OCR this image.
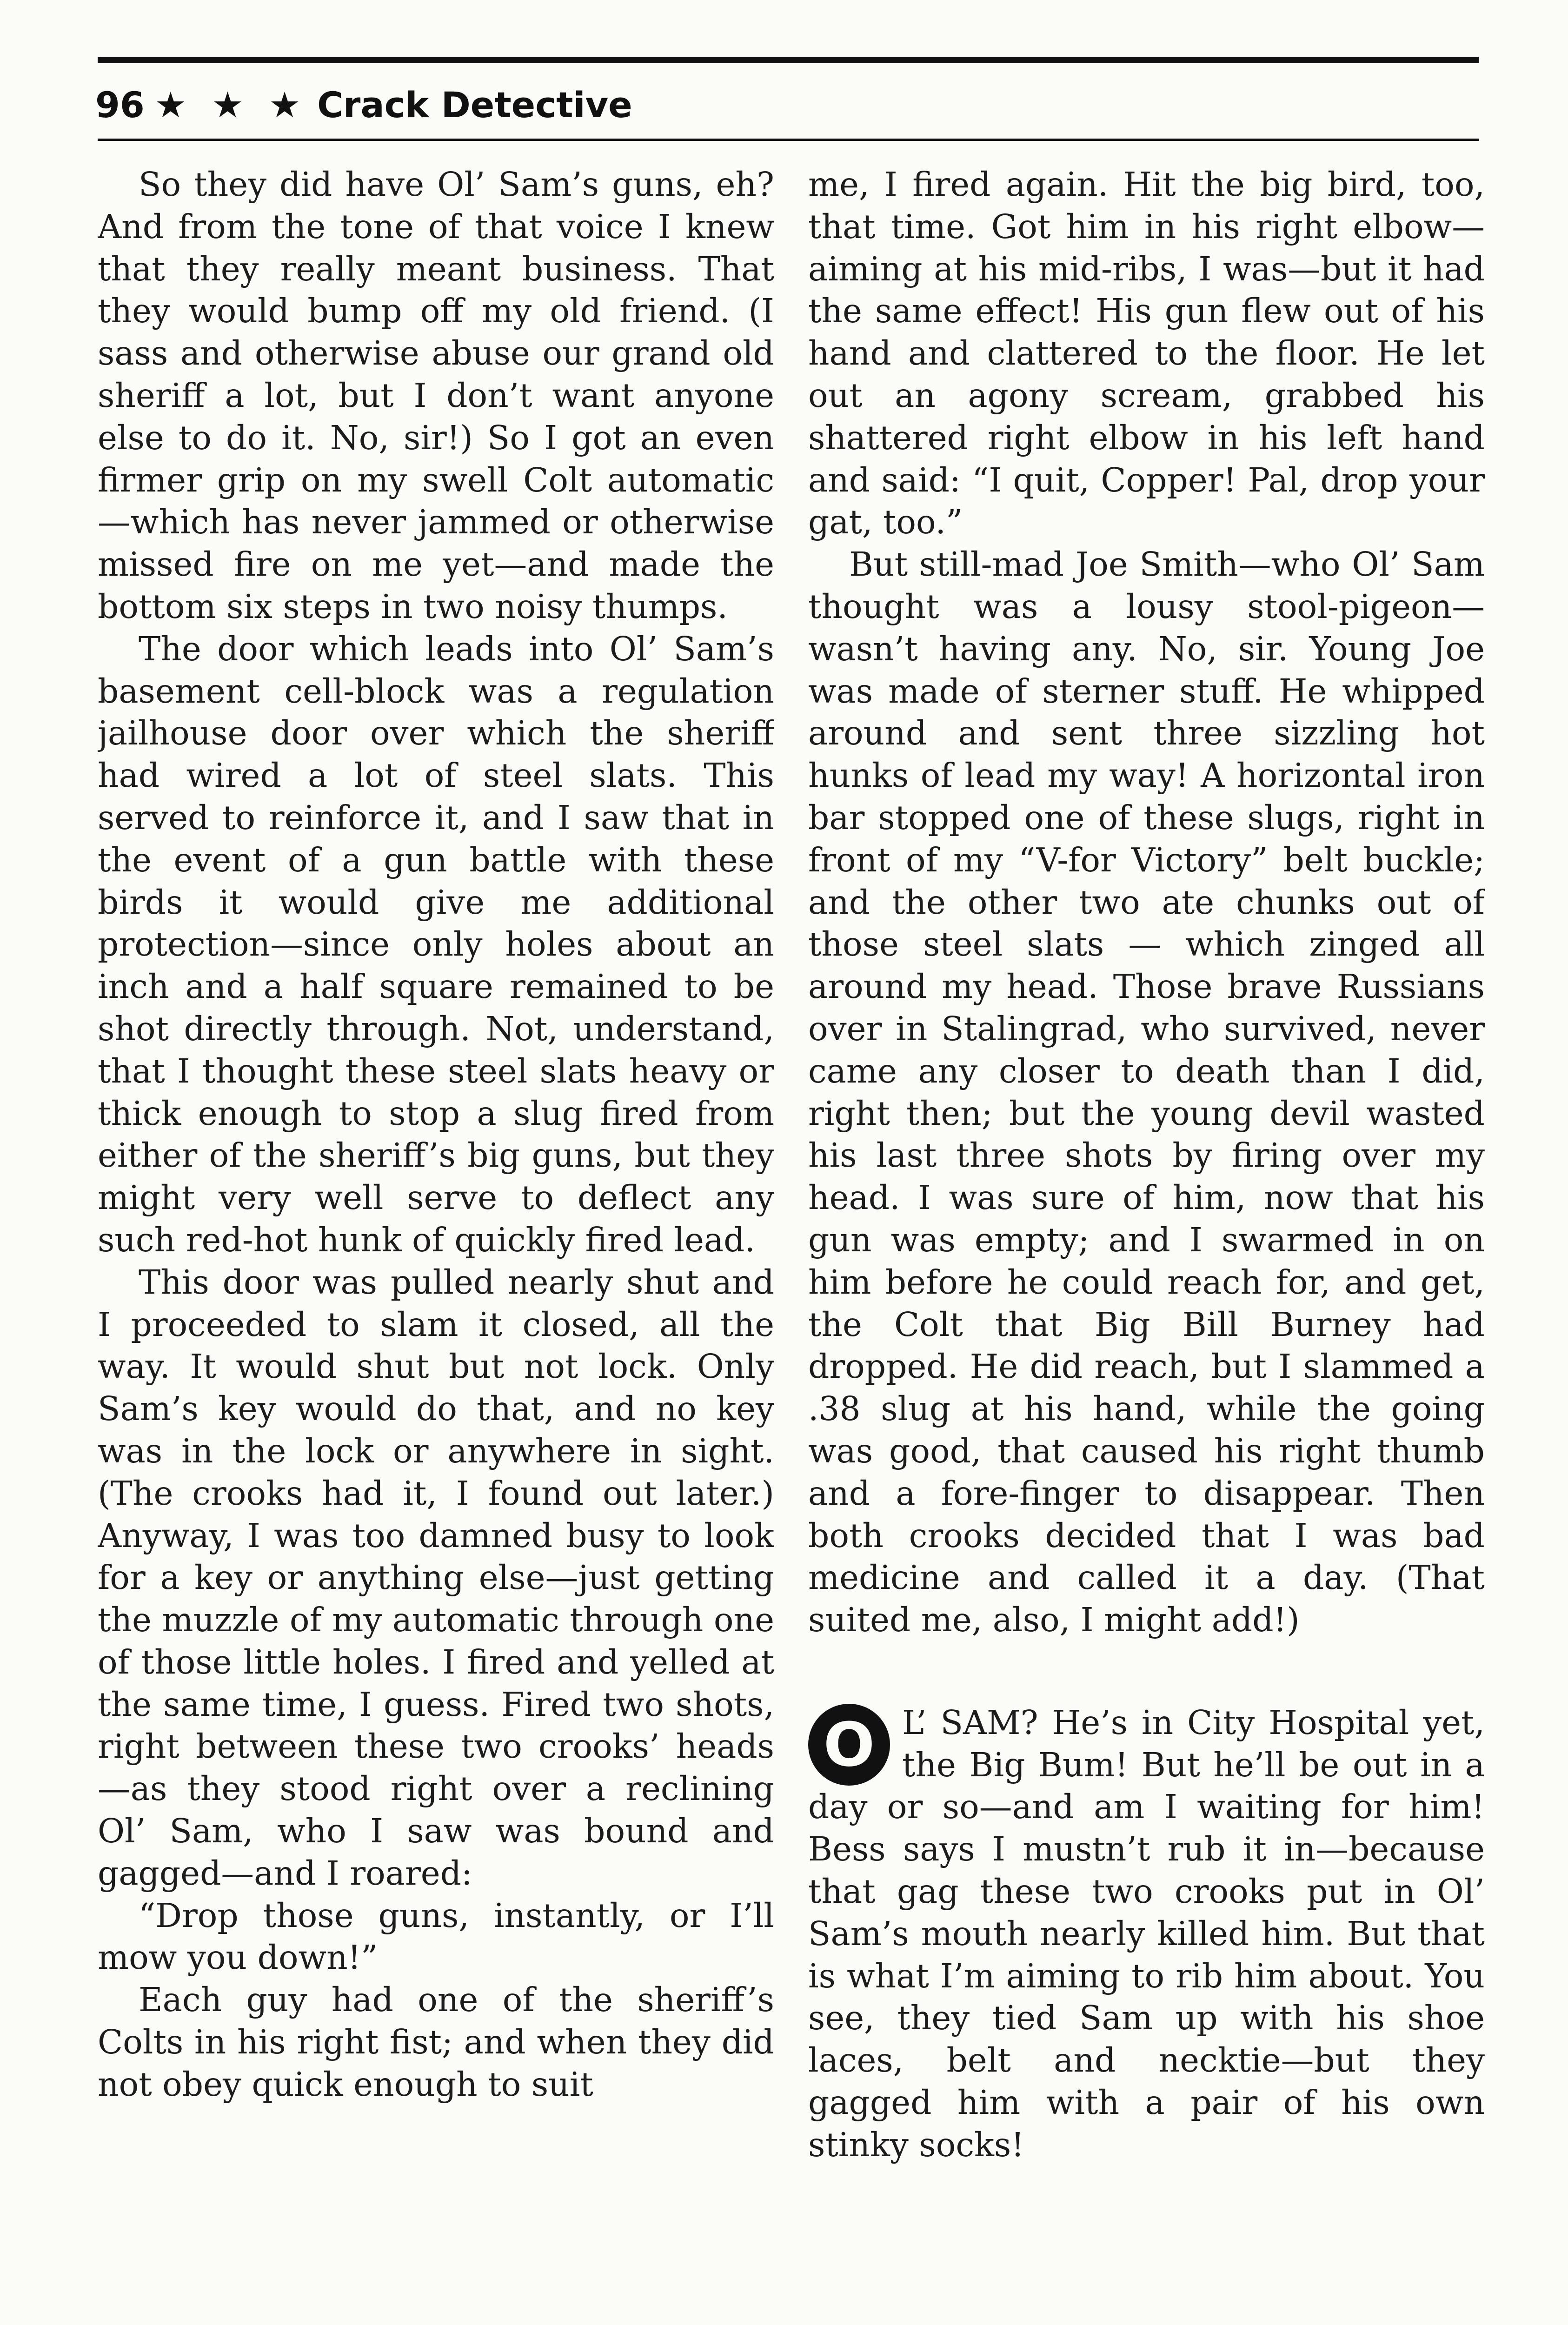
96 ★ ★ ★ Crack Detective

So they did have Ol’ Sam’s guns, eh? And from the tone of that voice I knew that they really meant business. That they would bump off my old friend. (I sass and otherwise abuse our grand old sheriff a lot, but I don’t want anyone else to do it. No, sir!) So I got an even firmer grip on my swell Colt automatic—which has never jammed or otherwise missed fire on me yet—and made the bottom six steps in two noisy thumps.

The door which leads into Ol’ Sam’s basement cell-block was a regulation jailhouse door over which the sheriff had wired a lot of steel slats. This served to reinforce it, and I saw that in the event of a gun battle with these birds it would give me additional protection—since only holes about an inch and a half square remained to be shot directly through. Not, understand, that I thought these steel slats heavy or thick enough to stop a slug fired from either of the sheriff’s big guns, but they might very well serve to deflect any such red-hot hunk of quickly fired lead.

This door was pulled nearly shut and I proceeded to slam it closed, all the way. It would shut but not lock. Only Sam’s key would do that, and no key was in the lock or anywhere in sight. (The crooks had it, I found out later.) Anyway, I was too damned busy to look for a key or anything else—just getting the muzzle of my automatic through one of those little holes. I fired and yelled at the same time, I guess. Fired two shots, right between these two crooks’ heads—as they stood right over a reclining Ol’ Sam, who I saw was bound and gagged—and I roared:

“Drop those guns, instantly, or I’ll mow you down!”

Each guy had one of the sheriff’s Colts in his right fist; and when they did not obey quick enough to suit

me, I fired again. Hit the big bird, too, that time. Got him in his right elbow—aiming at his mid-ribs, I was—but it had the same effect! His gun flew out of his hand and clattered to the floor. He let out an agony scream, grabbed his shattered right elbow in his left hand and said: “I quit, Copper! Pal, drop your gat, too.”

But still-mad Joe Smith—who Ol’ Sam thought was a lousy stool-pigeon—wasn’t having any. No, sir. Young Joe was made of sterner stuff. He whipped around and sent three sizzling hot hunks of lead my way! A horizontal iron bar stopped one of these slugs, right in front of my “V-for Victory” belt buckle; and the other two ate chunks out of those steel slats — which zinged all around my head. Those brave Russians over in Stalingrad, who survived, never came any closer to death than I did, right then; but the young devil wasted his last three shots by firing over my head. I was sure of him, now that his gun was empty; and I swarmed in on him before he could reach for, and get, the Colt that Big Bill Burney had dropped. He did reach, but I slammed a .38 slug at his hand, while the going was good, that caused his right thumb and a fore-finger to disappear. Then both crooks decided that I was bad medicine and called it a day. (That suited me, also, I might add!)

O L’ SAM? He’s in City Hospital yet, the Big Bum! But he’ll be out in a day or so—and am I waiting for him! Bess says I mustn’t rub it in—because that gag these two crooks put in Ol’ Sam’s mouth nearly killed him. But that is what I’m aiming to rib him about. You see, they tied Sam up with his shoe laces, belt and necktie—but they gagged him with a pair of his own stinky socks!
